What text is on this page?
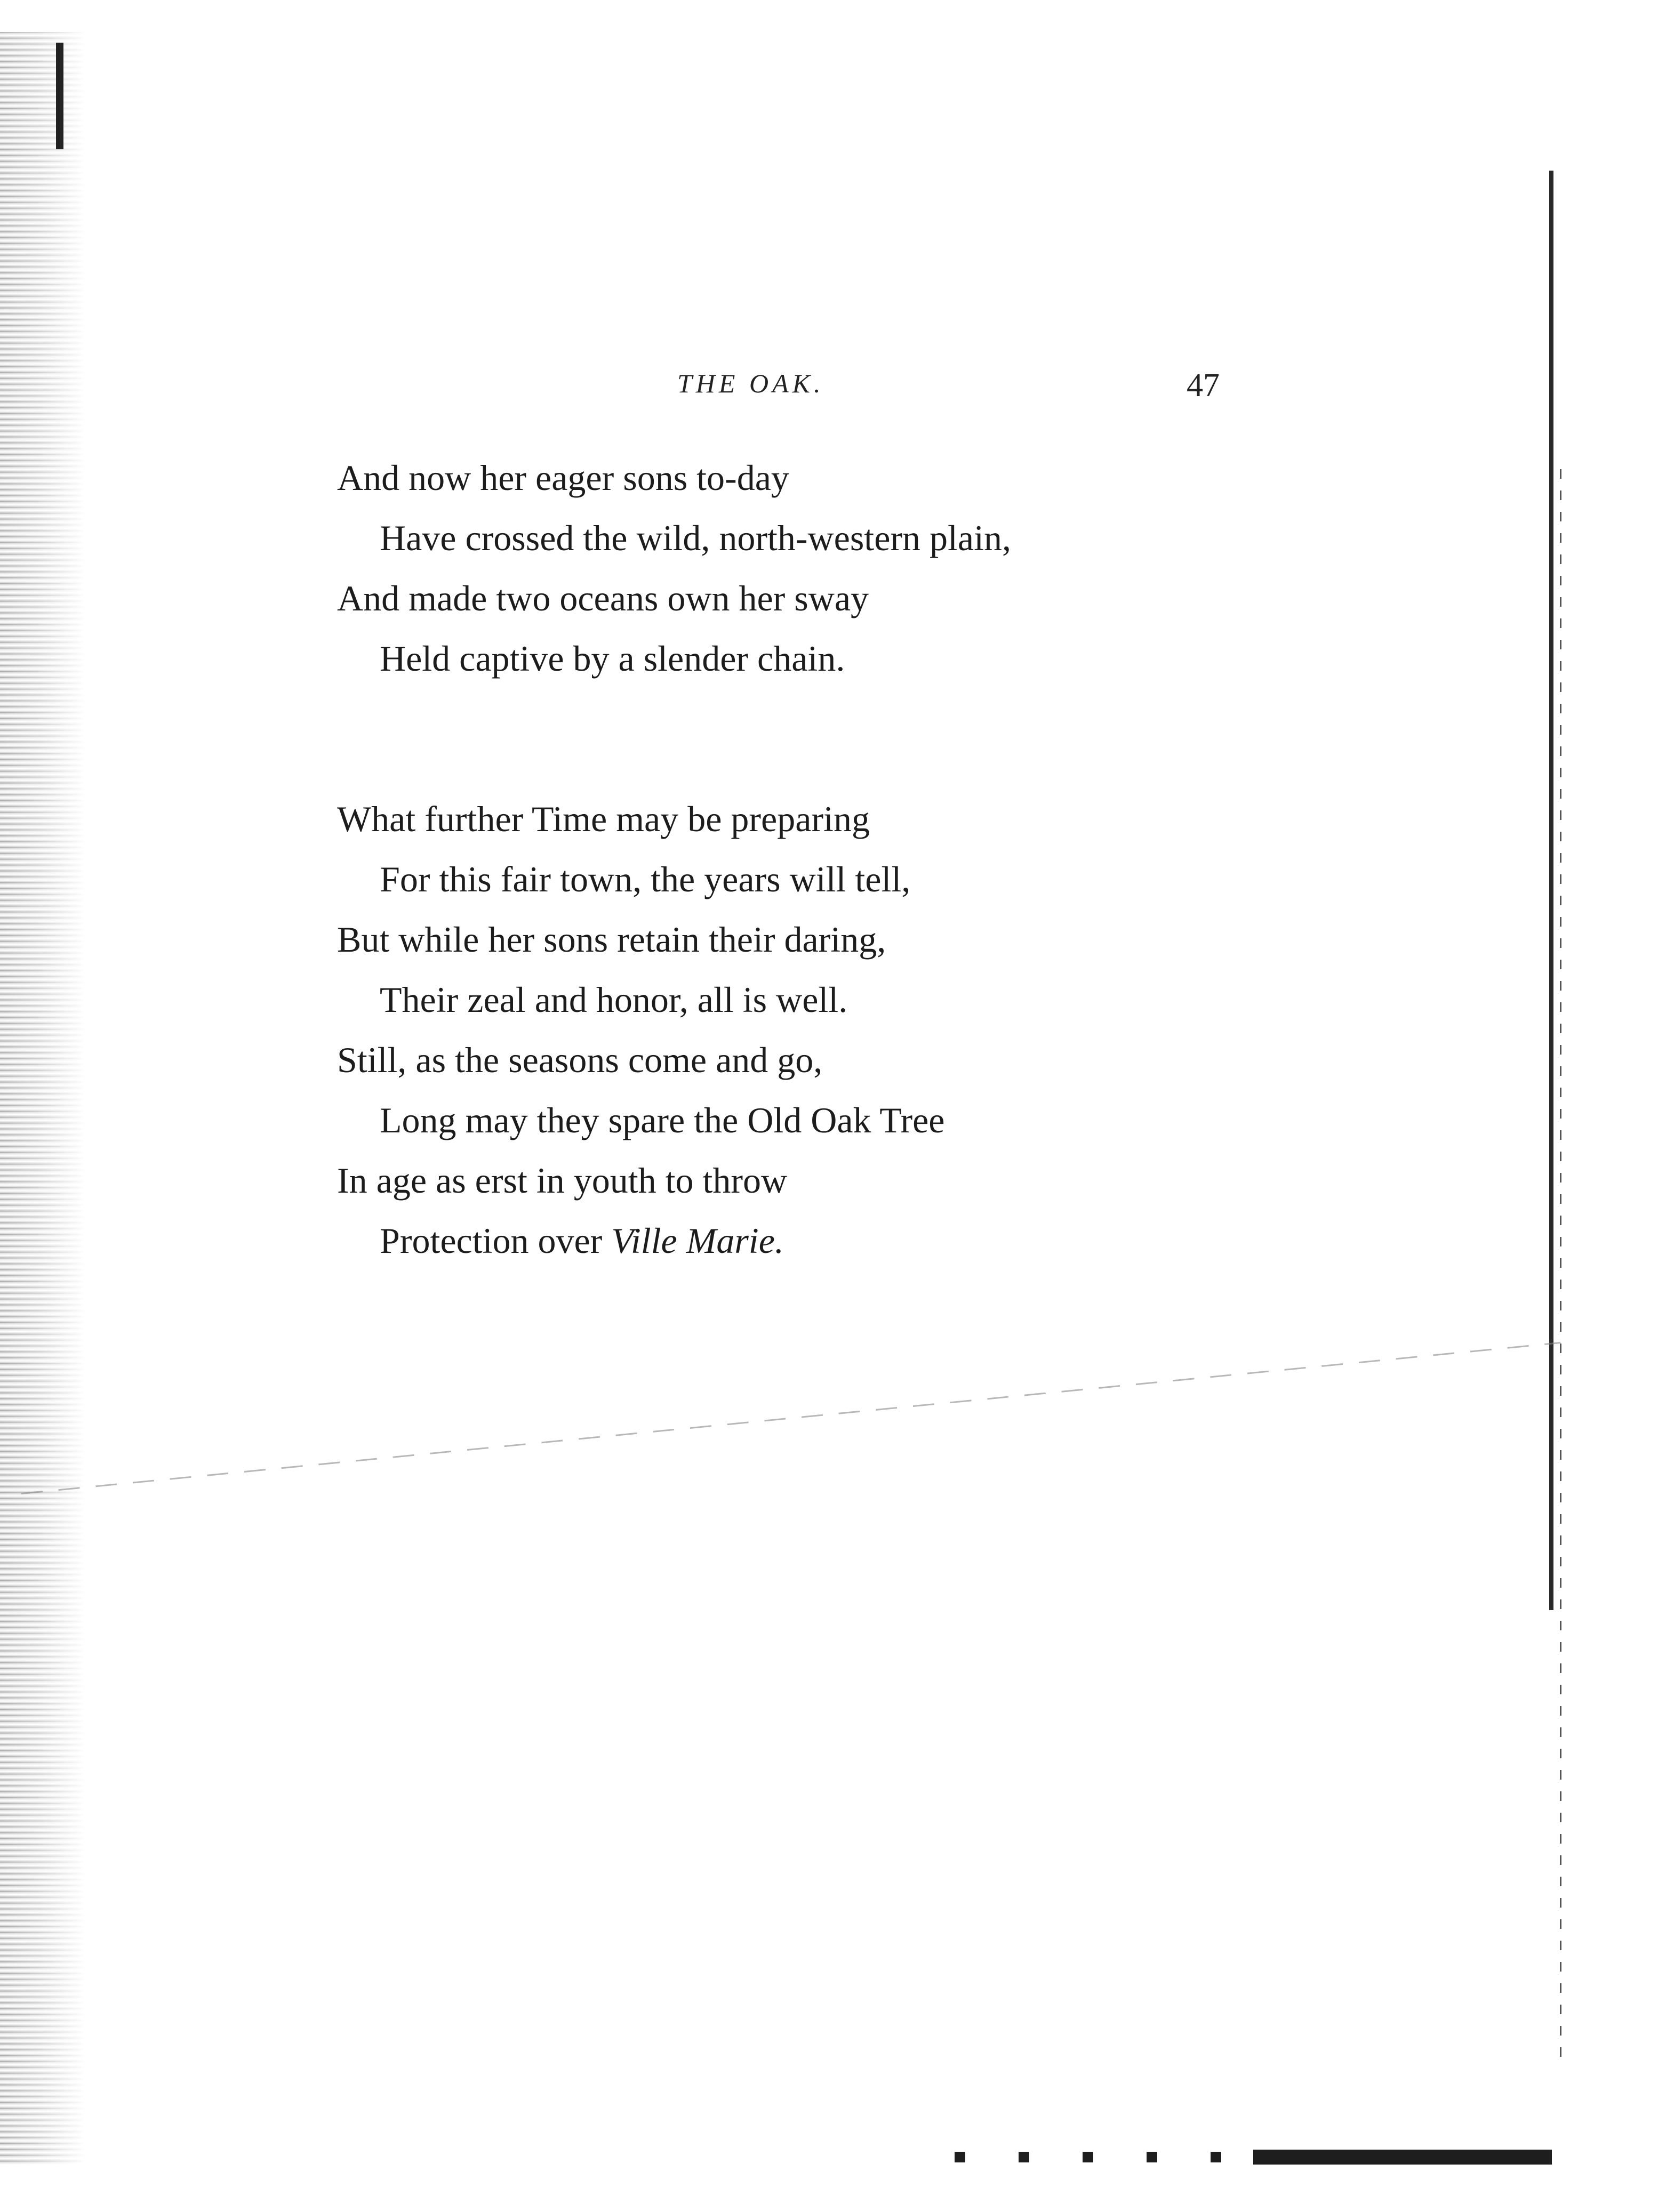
THE OAK.	47
And now her eager sons to-day
Have crossed the wild, north-western plain,
And made two oceans own her sway
Held captive by a slender chain.
What further Time may be preparing
For this fair town, the years will tell,
But while her sons retain their daring,
Their zeal and honor, all is well.
Still, as the seasons come and go,
Long may they spare the Old Oak Tree
In age as erst in youth to throw
Protection over Ville Marie.
